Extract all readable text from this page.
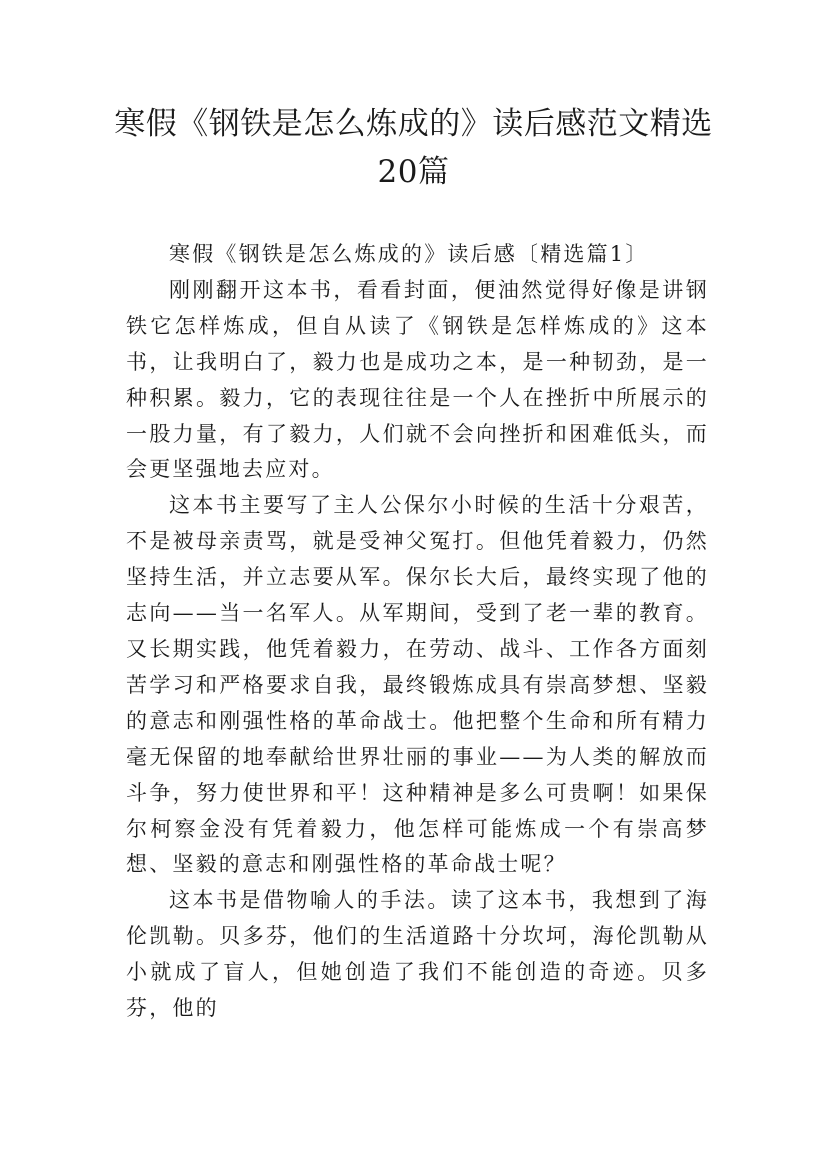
寒假《钢铁是怎么炼成的》读后感范文精选20篇
寒假《钢铁是怎么炼成的》读后感〔精选篇1〕

刚刚翻开这本书，看看封面，便油然觉得好像是讲钢铁它怎样炼成，但自从读了《钢铁是怎样炼成的》这本书，让我明白了，毅力也是成功之本，是一种韧劲，是一种积累。毅力，它的表现往往是一个人在挫折中所展示的一股力量，有了毅力，人们就不会向挫折和困难低头，而会更坚强地去应对。

这本书主要写了主人公保尔小时候的生活十分艰苦，不是被母亲责骂，就是受神父冤打。但他凭着毅力，仍然坚持生活，并立志要从军。保尔长大后，最终实现了他的志向——当一名军人。从军期间，受到了老一辈的教育。又长期实践，他凭着毅力，在劳动、战斗、工作各方面刻苦学习和严格要求自我，最终锻炼成具有崇高梦想、坚毅的意志和刚强性格的革命战士。他把整个生命和所有精力毫无保留的地奉献给世界壮丽的事业——为人类的解放而斗争，努力使世界和平！这种精神是多么可贵啊！如果保尔柯察金没有凭着毅力，他怎样可能炼成一个有崇高梦想、坚毅的意志和刚强性格的革命战士呢？

这本书是借物喻人的手法。读了这本书，我想到了海伦凯勒。贝多芬，他们的生活道路十分坎坷，海伦凯勒从小就成了盲人，但她创造了我们不能创造的奇迹。贝多芬，他的
